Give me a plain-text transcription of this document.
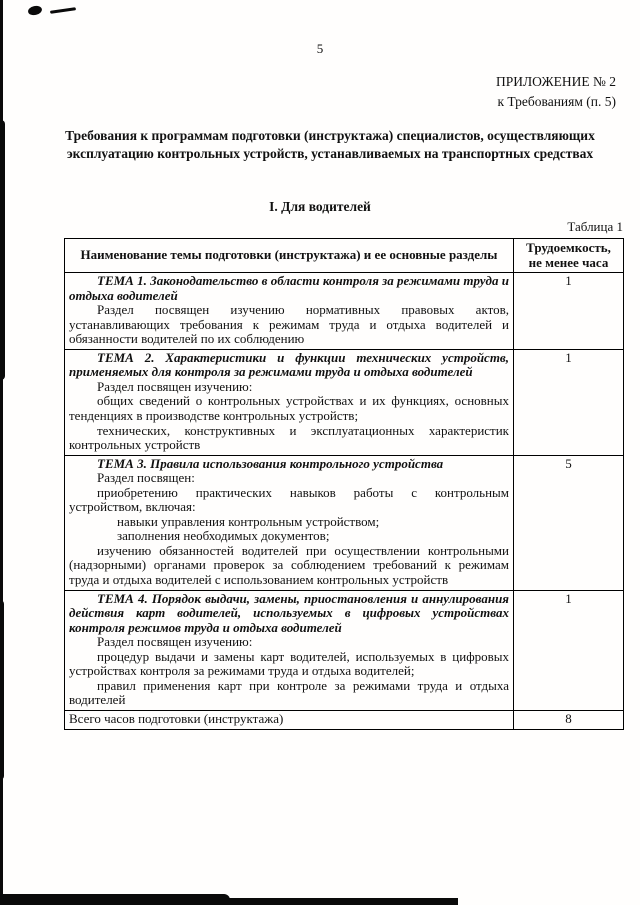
5
ПРИЛОЖЕНИЕ № 2
к Требованиям (п. 5)
Требования к программам подготовки (инструктажа) специалистов, осуществляющих эксплуатацию контрольных устройств, устанавливаемых на транспортных средствах
I. Для водителей
Таблица 1
Наименование темы подготовки (инструктажа) и ее основные разделы	Трудоемкость, не менее часа

ТЕМА 1. Законодательство в области контроля за режимами труда и отдыха водителей
Раздел посвящен изучению нормативных правовых актов, устанавливающих требования к режимам труда и отдыха водителей и обязанности водителей по их соблюдению	1

ТЕМА 2. Характеристики и функции технических устройств, применяемых для контроля за режимами труда и отдыха водителей
Раздел посвящен изучению:
общих сведений о контрольных устройствах и их функциях, основных тенденциях в производстве контрольных устройств;
технических, конструктивных и эксплуатационных характеристик контрольных устройств	1

ТЕМА 3. Правила использования контрольного устройства
Раздел посвящен:
приобретению практических навыков работы с контрольным устройством, включая:
навыки управления контрольным устройством;
заполнения необходимых документов;
изучению обязанностей водителей при осуществлении контрольными (надзорными) органами проверок за соблюдением требований к режимам труда и отдыха водителей с использованием контрольных устройств
	5

ТЕМА 4. Порядок выдачи, замены, приостановления и аннулирования действия карт водителей, используемых в цифровых устройствах контроля режимов труда и отдыха водителей
Раздел посвящен изучению:
процедур выдачи и замены карт водителей, используемых в цифровых устройствах контроля за режимами труда и отдыха водителей;
правил применения карт при контроле за режимами труда и отдыха водителей	1

Всего часов подготовки (инструктажа)	8
